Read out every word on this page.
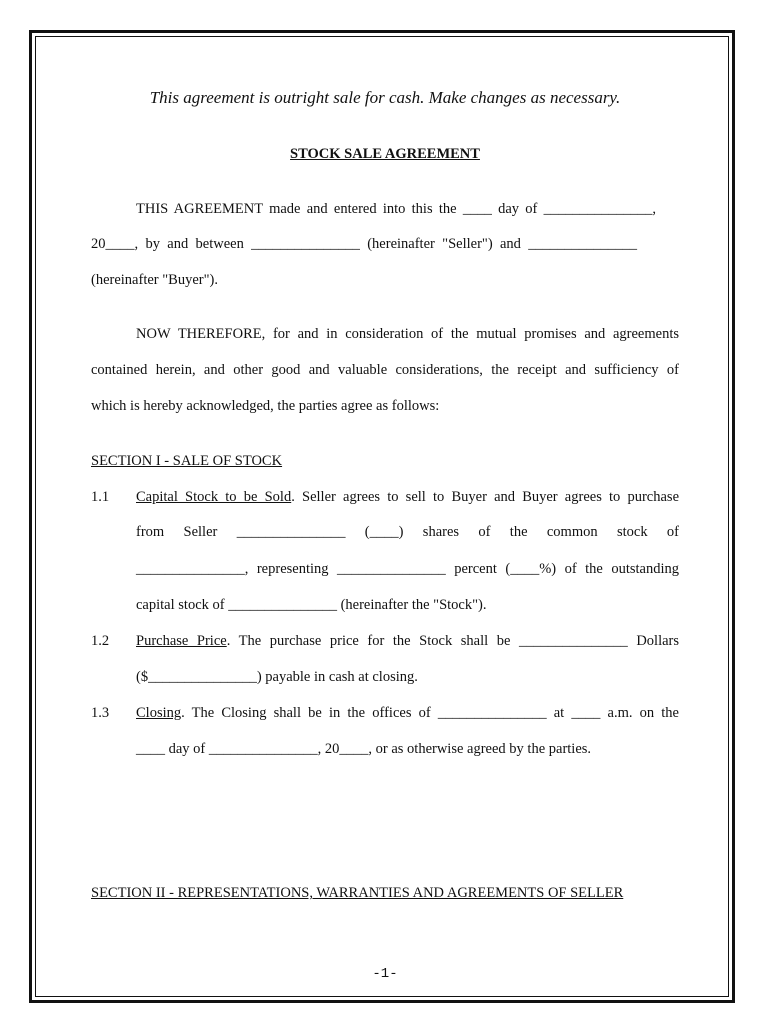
This agreement is outright sale for cash. Make changes as necessary.
STOCK SALE AGREEMENT
THIS AGREEMENT made and entered into this the ____ day of _______________,
20____, by and between _______________ (hereinafter "Seller") and _______________
(hereinafter "Buyer").
NOW THEREFORE, for and in consideration of the mutual promises and agreements
contained herein, and other good and valuable considerations, the receipt and sufficiency of
which is hereby acknowledged, the parties agree as follows:
SECTION I - SALE OF STOCK
1.1 Capital Stock to be Sold. Seller agrees to sell to Buyer and Buyer agrees to purchase
from Seller _______________ (____) shares of the common stock of
_______________, representing _______________ percent (____%) of the outstanding
capital stock of _______________ (hereinafter the "Stock").
1.2 Purchase Price. The purchase price for the Stock shall be _______________ Dollars
($_______________) payable in cash at closing.
1.3 Closing. The Closing shall be in the offices of _______________ at ____ a.m. on the
____ day of _______________, 20____, or as otherwise agreed by the parties.
SECTION II - REPRESENTATIONS, WARRANTIES AND AGREEMENTS OF SELLER
-1-
